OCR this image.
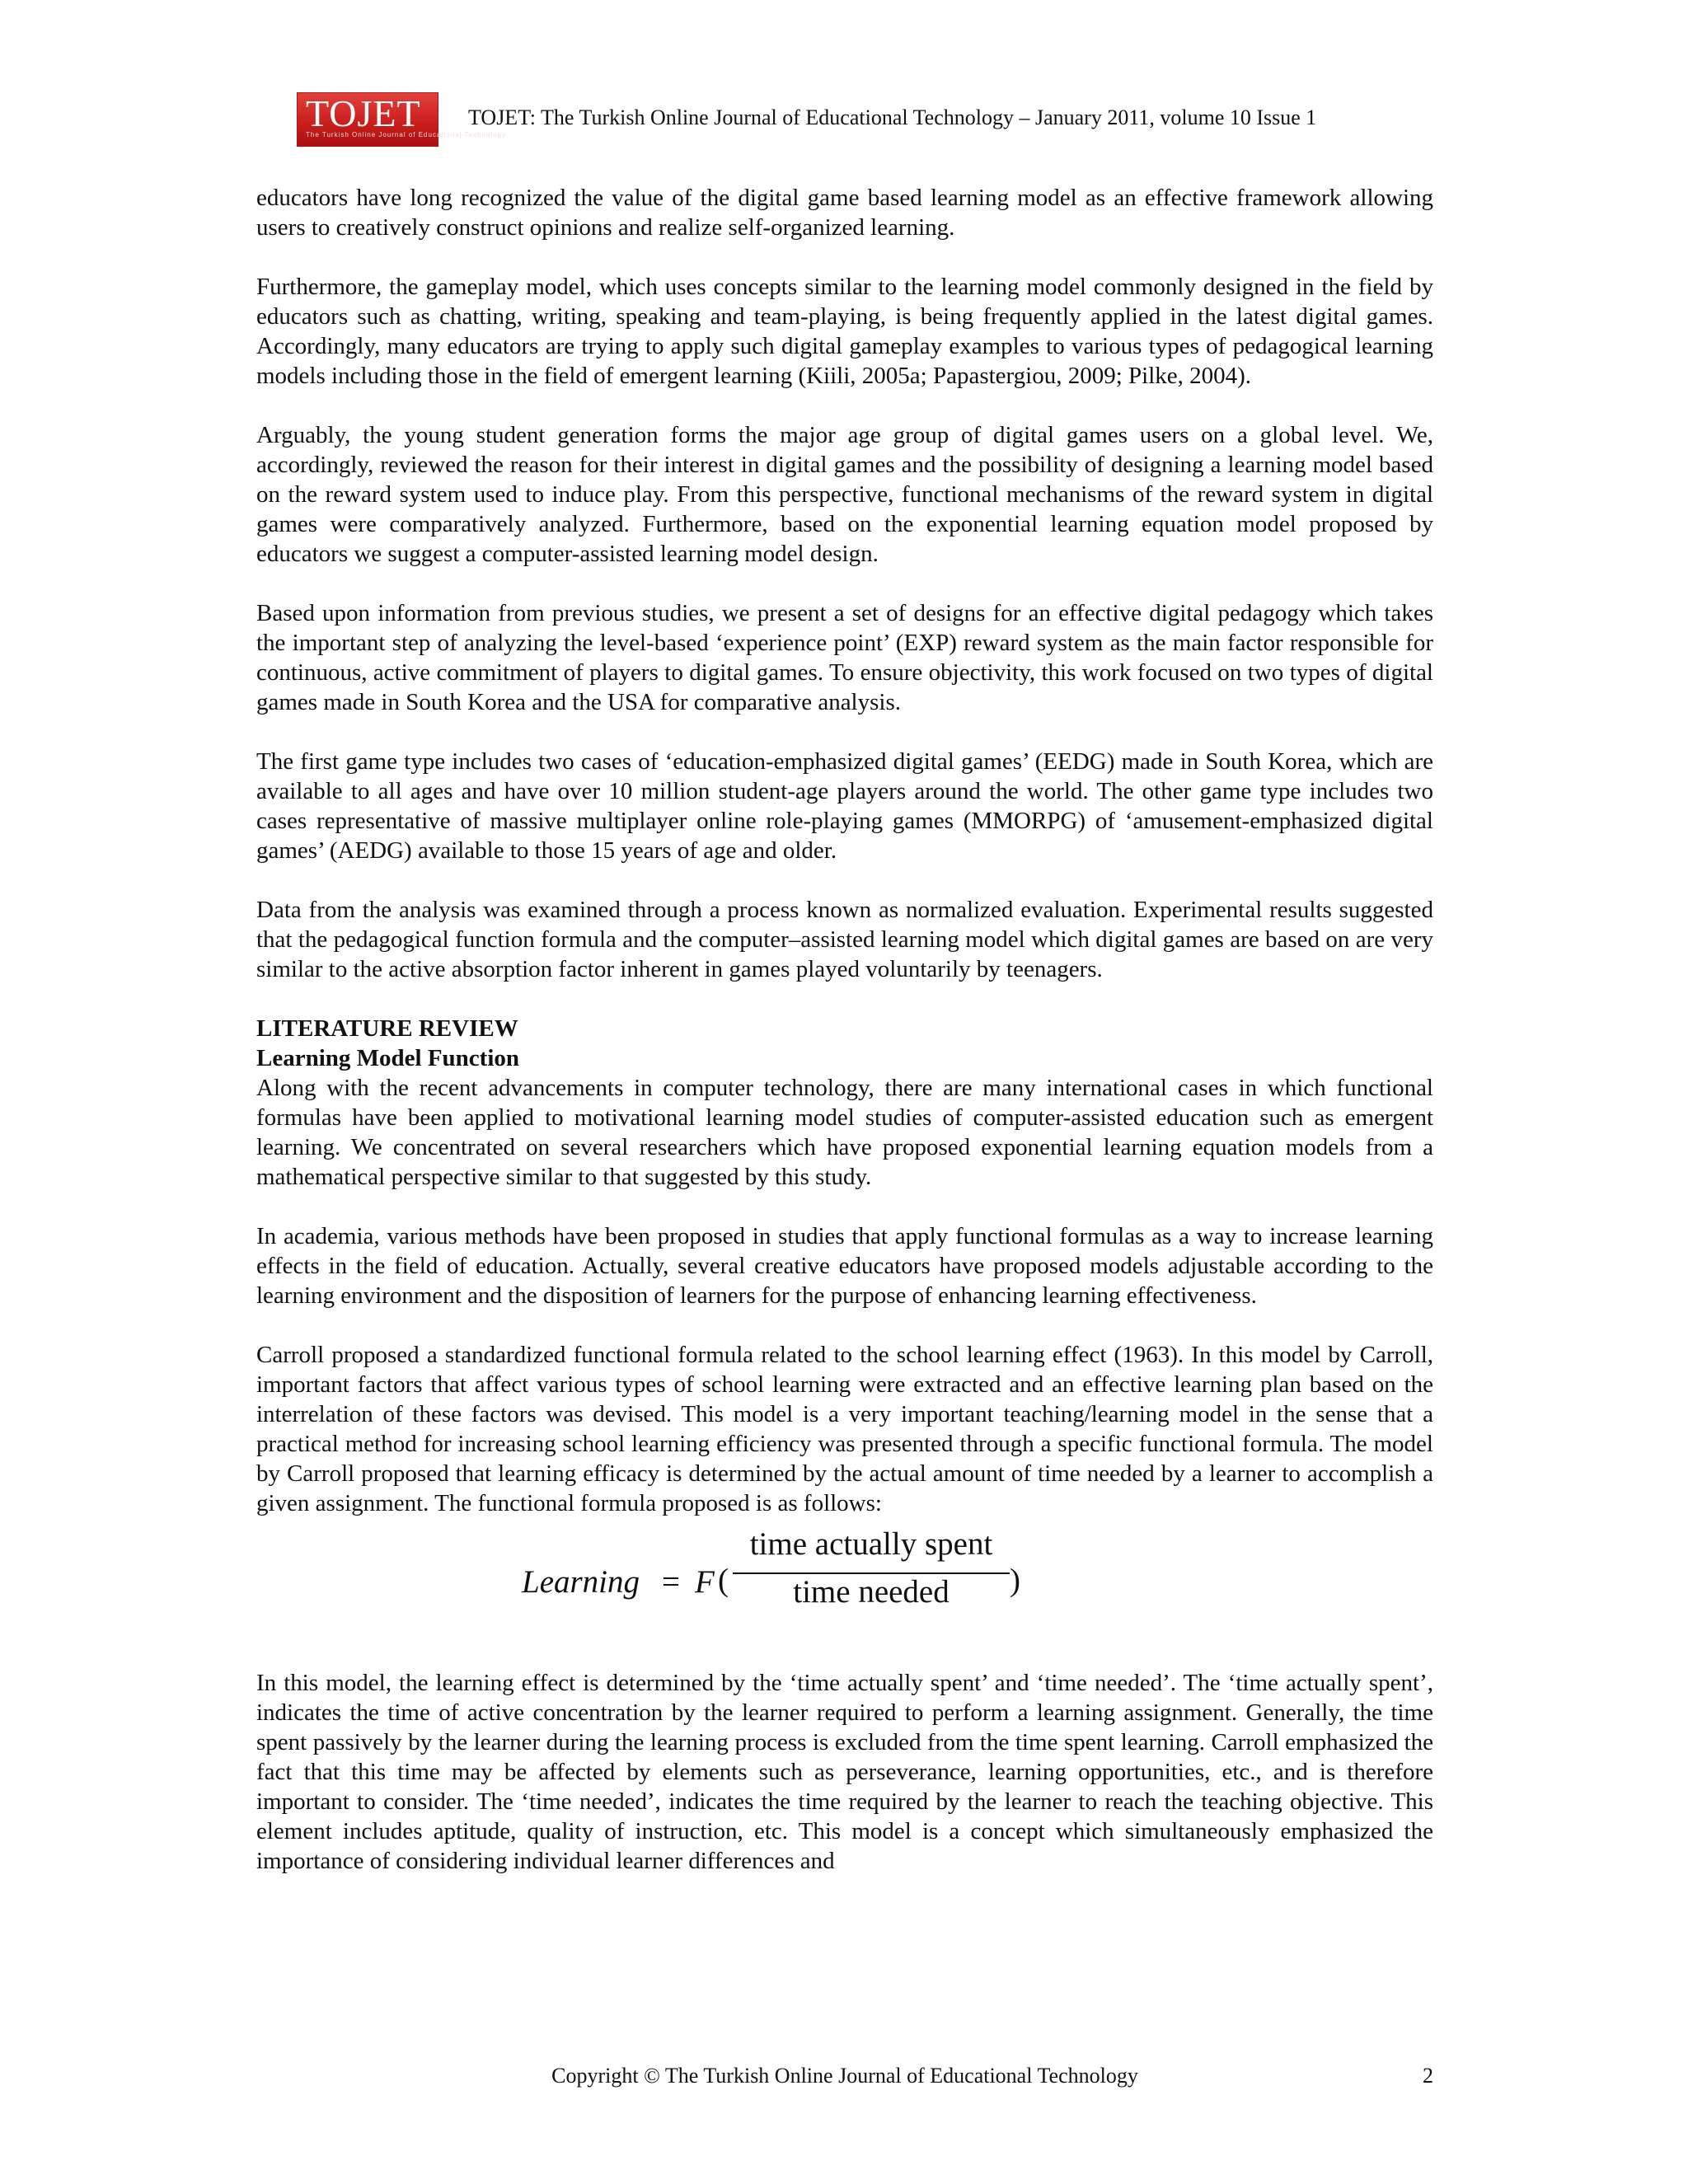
TOJET
The Turkish Online Journal of Educational Technology
TOJET: The Turkish Online Journal of Educational Technology – January 2011, volume 10 Issue 1

educators have long recognized the value of the digital game based learning model as an effective framework allowing users to creatively construct opinions and realize self-organized learning.

Furthermore, the gameplay model, which uses concepts similar to the learning model commonly designed in the field by educators such as chatting, writing, speaking and team-playing, is being frequently applied in the latest digital games. Accordingly, many educators are trying to apply such digital gameplay examples to various types of pedagogical learning models including those in the field of emergent learning (Kiili, 2005a; Papastergiou, 2009; Pilke, 2004).

Arguably, the young student generation forms the major age group of digital games users on a global level. We, accordingly, reviewed the reason for their interest in digital games and the possibility of designing a learning model based on the reward system used to induce play. From this perspective, functional mechanisms of the reward system in digital games were comparatively analyzed. Furthermore, based on the exponential learning equation model proposed by educators we suggest a computer-assisted learning model design.

Based upon information from previous studies, we present a set of designs for an effective digital pedagogy which takes the important step of analyzing the level-based ‘experience point’ (EXP) reward system as the main factor responsible for continuous, active commitment of players to digital games. To ensure objectivity, this work focused on two types of digital games made in South Korea and the USA for comparative analysis.

The first game type includes two cases of ‘education-emphasized digital games’ (EEDG) made in South Korea, which are available to all ages and have over 10 million student-age players around the world. The other game type includes two cases representative of massive multiplayer online role-playing games (MMORPG) of ‘amusement-emphasized digital games’ (AEDG) available to those 15 years of age and older.

Data from the analysis was examined through a process known as normalized evaluation. Experimental results suggested that the pedagogical function formula and the computer–assisted learning model which digital games are based on are very similar to the active absorption factor inherent in games played voluntarily by teenagers.

LITERATURE REVIEW
Learning Model Function

Along with the recent advancements in computer technology, there are many international cases in which functional formulas have been applied to motivational learning model studies of computer-assisted education such as emergent learning. We concentrated on several researchers which have proposed exponential learning equation models from a mathematical perspective similar to that suggested by this study.

In academia, various methods have been proposed in studies that apply functional formulas as a way to increase learning effects in the field of education. Actually, several creative educators have proposed models adjustable according to the learning environment and the disposition of learners for the purpose of enhancing learning effectiveness.

Carroll proposed a standardized functional formula related to the school learning effect (1963). In this model by Carroll, important factors that affect various types of school learning were extracted and an effective learning plan based on the interrelation of these factors was devised. This model is a very important teaching/learning model in the sense that a practical method for increasing school learning efficiency was presented through a specific functional formula. The model by Carroll proposed that learning efficacy is determined by the actual amount of time needed by a learner to accomplish a given assignment. The functional formula proposed is as follows:

Learning = F (
time actually spent
time needed	)

In this model, the learning effect is determined by the ‘time actually spent’ and ‘time needed’. The ‘time actually spent’, indicates the time of active concentration by the learner required to perform a learning assignment. Generally, the time spent passively by the learner during the learning process is excluded from the time spent learning. Carroll emphasized the fact that this time may be affected by elements such as perseverance, learning opportunities, etc., and is therefore important to consider. The ‘time needed’, indicates the time required by the learner to reach the teaching objective. This element includes aptitude, quality of instruction, etc. This model is a concept which simultaneously emphasized the importance of considering individual learner differences and

Copyright © The Turkish Online Journal of Educational Technology	2
